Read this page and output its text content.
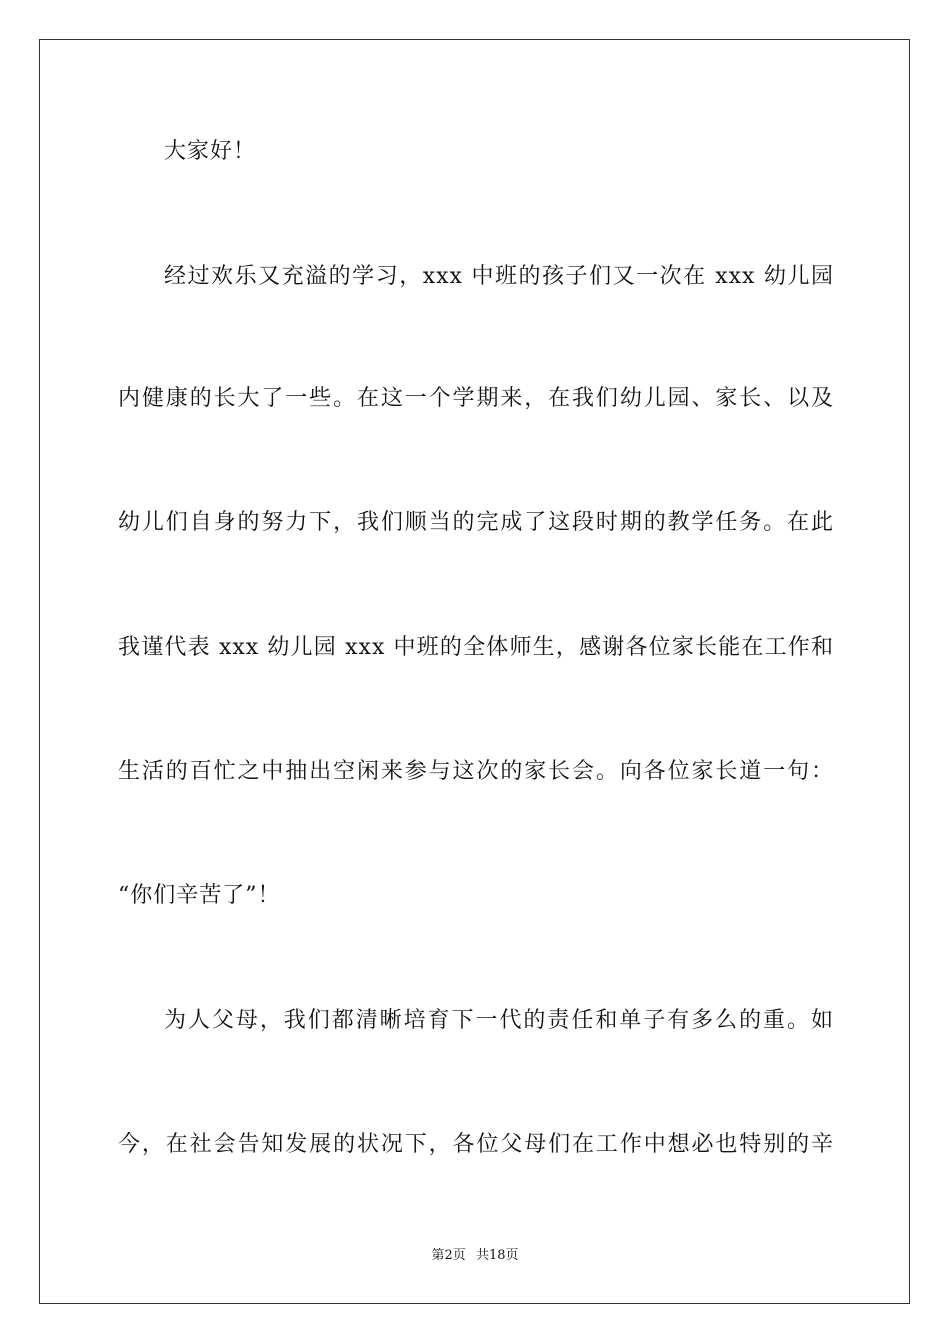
大家好！
经过欢乐又充溢的学习，xxx 中班的孩子们又一次在 xxx 幼儿园
内健康的长大了一些。在这一个学期来，在我们幼儿园、家长、以及
幼儿们自身的努力下，我们顺当的完成了这段时期的教学任务。在此
我谨代表 xxx 幼儿园 xxx 中班的全体师生，感谢各位家长能在工作和
生活的百忙之中抽出空闲来参与这次的家长会。向各位家长道一句：
“你们辛苦了”！
为人父母，我们都清晰培育下一代的责任和单子有多么的重。如
今，在社会告知发展的状况下，各位父母们在工作中想必也特别的辛
第2页 共18页
